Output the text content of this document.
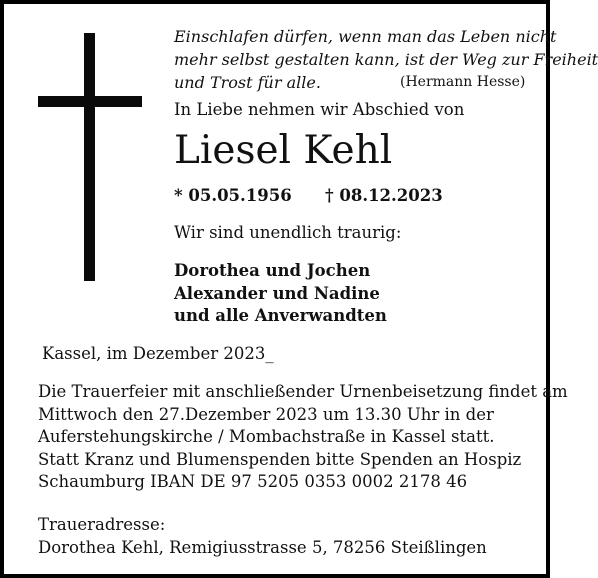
Einschlafen dürfen, wenn man das Leben nicht
mehr selbst gestalten kann, ist der Weg zur Freiheit
und Trost für alle.	(Hermann Hesse)
In Liebe nehmen wir Abschied von
Liesel Kehl
* 05.05.1956 † 08.12.2023
Wir sind unendlich traurig:
Dorothea und Jochen
Alexander und Nadine
und alle Anverwandten
Kassel, im Dezember 2023_
Die Trauerfeier mit anschließender Urnenbeisetzung findet am
Mittwoch den 27.Dezember 2023 um 13.30 Uhr in der
Auferstehungskirche / Mombachstraße in Kassel statt.
Statt Kranz und Blumenspenden bitte Spenden an Hospiz
Schaumburg IBAN DE 97 5205 0353 0002 2178 46
Traueradresse:
Dorothea Kehl, Remigiusstrasse 5, 78256 Steißlingen
